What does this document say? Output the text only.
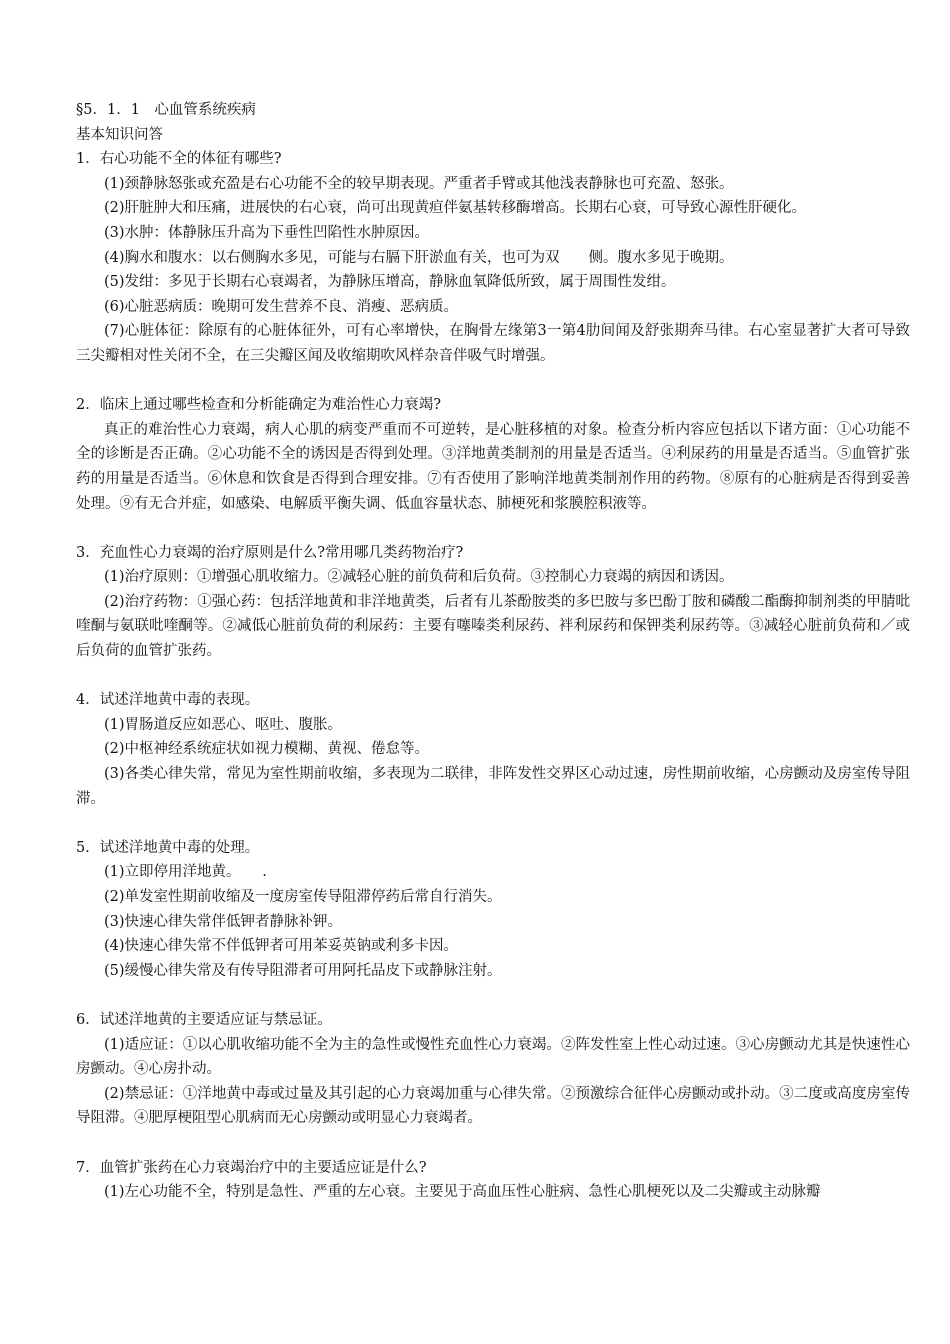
§5．1．1　心血管系统疾病
基本知识问答
1．右心功能不全的体征有哪些?
(1)颈静脉怒张或充盈是右心功能不全的较早期表现。严重者手臂或其他浅表静脉也可充盈、怒张。
(2)肝脏肿大和压痛，进展快的右心衰，尚可出现黄疸伴氨基转移酶增高。长期右心衰，可导致心源性肝硬化。
(3)水肿：体静脉压升高为下垂性凹陷性水肿原因。
(4)胸水和腹水：以右侧胸水多见，可能与右膈下肝淤血有关，也可为双　　侧。腹水多见于晚期。
(5)发绀：多见于长期右心衰竭者，为静脉压增高，静脉血氧降低所致，属于周围性发绀。
(6)心脏恶病质：晚期可发生营养不良、消瘦、恶病质。
(7)心脏体征：除原有的心脏体征外，可有心率增快，在胸骨左缘第3一第4肋间闻及舒张期奔马律。右心室显著扩大者可导致三尖瓣相对性关闭不全，在三尖瓣区闻及收缩期吹风样杂音伴吸气时增强。
2．临床上通过哪些检查和分析能确定为难治性心力衰竭?
真正的难治性心力衰竭，病人心肌的病变严重而不可逆转，是心脏移植的对象。检查分析内容应包括以下诸方面：①心功能不全的诊断是否正确。②心功能不全的诱因是否得到处理。③洋地黄类制剂的用量是否适当。④利尿药的用量是否适当。⑤血管扩张药的用量是否适当。⑥休息和饮食是否得到合理安排。⑦有否使用了影响洋地黄类制剂作用的药物。⑧原有的心脏病是否得到妥善处理。⑨有无合并症，如感染、电解质平衡失调、低血容量状态、肺梗死和浆膜腔积液等。
3．充血性心力衰竭的治疗原则是什么?常用哪几类药物治疗?
(1)治疗原则：①增强心肌收缩力。②减轻心脏的前负荷和后负荷。③控制心力衰竭的病因和诱因。
(2)治疗药物：①强心药：包括洋地黄和非洋地黄类，后者有儿茶酚胺类的多巴胺与多巴酚丁胺和磷酸二酯酶抑制剂类的甲腈吡喹酮与氨联吡喹酮等。②减低心脏前负荷的利尿药：主要有噻嗪类利尿药、袢利尿药和保钾类利尿药等。③减轻心脏前负荷和／或后负荷的血管扩张药。
4．试述洋地黄中毒的表现。
(1)胃肠道反应如恶心、呕吐、腹胀。
(2)中枢神经系统症状如视力模糊、黄视、倦怠等。
(3)各类心律失常，常见为室性期前收缩，多表现为二联律，非阵发性交界区心动过速，房性期前收缩，心房颤动及房室传导阻滞。
5．试述洋地黄中毒的处理。
(1)立即停用洋地黄。　　.
(2)单发室性期前收缩及一度房室传导阻滞停药后常自行消失。
(3)快速心律失常伴低钾者静脉补钾。
(4)快速心律失常不伴低钾者可用苯妥英钠或利多卡因。
(5)缓慢心律失常及有传导阻滞者可用阿托品皮下或静脉注射。
6．试述洋地黄的主要适应证与禁忌证。
(1)适应证：①以心肌收缩功能不全为主的急性或慢性充血性心力衰竭。②阵发性室上性心动过速。③心房颤动尤其是快速性心房颤动。④心房扑动。
(2)禁忌证：①洋地黄中毒或过量及其引起的心力衰竭加重与心律失常。②预激综合征伴心房颤动或扑动。③二度或高度房室传导阻滞。④肥厚梗阻型心肌病而无心房颤动或明显心力衰竭者。
7．血管扩张药在心力衰竭治疗中的主要适应证是什么?
(1)左心功能不全，特别是急性、严重的左心衰。主要见于高血压性心脏病、急性心肌梗死以及二尖瓣或主动脉瓣
